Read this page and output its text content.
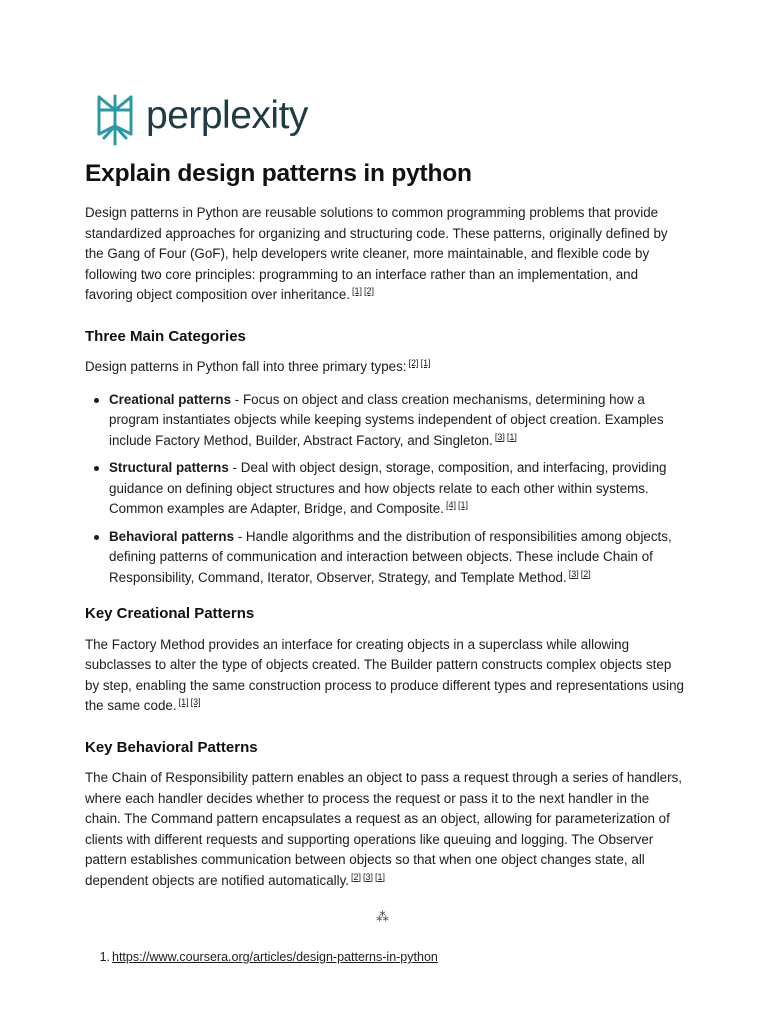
perplexity
Explain design patterns in python

Design patterns in Python are reusable solutions to common programming problems that provide standardized approaches for organizing and structuring code. These patterns, originally defined by the Gang of Four (GoF), help developers write cleaner, more maintainable, and flexible code by following two core principles: programming to an interface rather than an implementation, and favoring object composition over inheritance. [1] [2]

Three Main Categories

Design patterns in Python fall into three primary types: [2] [1]

Creational patterns - Focus on object and class creation mechanisms, determining how a program instantiates objects while keeping systems independent of object creation. Examples include Factory Method, Builder, Abstract Factory, and Singleton. [3] [1]
Structural patterns - Deal with object design, storage, composition, and interfacing, providing guidance on defining object structures and how objects relate to each other within systems. Common examples are Adapter, Bridge, and Composite. [4] [1]
Behavioral patterns - Handle algorithms and the distribution of responsibilities among objects, defining patterns of communication and interaction between objects. These include Chain of Responsibility, Command, Iterator, Observer, Strategy, and Template Method. [3] [2]
Key Creational Patterns

The Factory Method provides an interface for creating objects in a superclass while allowing subclasses to alter the type of objects created. The Builder pattern constructs complex objects step by step, enabling the same construction process to produce different types and representations using the same code. [1] [3]

Key Behavioral Patterns

The Chain of Responsibility pattern enables an object to pass a request through a series of handlers, where each handler decides whether to process the request or pass it to the next handler in the chain. The Command pattern encapsulates a request as an object, allowing for parameterization of clients with different requests and supporting operations like queuing and logging. The Observer pattern establishes communication between objects so that when one object changes state, all dependent objects are notified automatically. [2] [3] [1]

⁂
1. https://www.coursera.org/articles/design-patterns-in-python
